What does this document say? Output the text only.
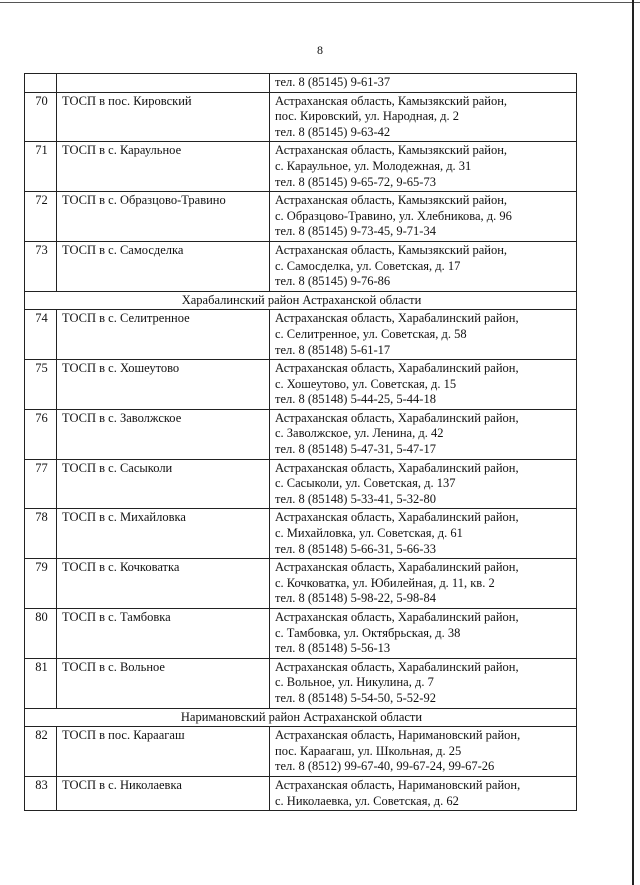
8

		тел. 8 (85145) 9-61-37

70	ТОСП в пос. Кировский	Астраханская область, Камызякский район,
пос. Кировский, ул. Народная, д. 2
тел. 8 (85145) 9-63-42

71	ТОСП в с. Караульное	Астраханская область, Камызякский район,
с. Караульное, ул. Молодежная, д. 31
тел. 8 (85145) 9-65-72, 9-65-73

72	ТОСП в с. Образцово-Травино	Астраханская область, Камызякский район,
с. Образцово-Травино, ул. Хлебникова, д. 96
тел. 8 (85145) 9-73-45, 9-71-34

73	ТОСП в с. Самосделка	Астраханская область, Камызякский район,
с. Самосделка, ул. Советская, д. 17
тел. 8 (85145) 9-76-86

Харабалинский район Астраханской области		
74	ТОСП в с. Селитренное	Астраханская область, Харабалинский район,
с. Селитренное, ул. Советская, д. 58
тел. 8 (85148) 5-61-17

75	ТОСП в с. Хошеутово	Астраханская область, Харабалинский район,
с. Хошеутово, ул. Советская, д. 15
тел. 8 (85148) 5-44-25, 5-44-18

76	ТОСП в с. Заволжское	Астраханская область, Харабалинский район,
с. Заволжское, ул. Ленина, д. 42
тел. 8 (85148) 5-47-31, 5-47-17

77	ТОСП в с. Сасыколи	Астраханская область, Харабалинский район,
с. Сасыколи, ул. Советская, д. 137
тел. 8 (85148) 5-33-41, 5-32-80

78	ТОСП в с. Михайловка	Астраханская область, Харабалинский район,
с. Михайловка, ул. Советская, д. 61
тел. 8 (85148) 5-66-31, 5-66-33

79	ТОСП в с. Кочковатка	Астраханская область, Харабалинский район,
с. Кочковатка, ул. Юбилейная, д. 11, кв. 2
тел. 8 (85148) 5-98-22, 5-98-84

80	ТОСП в с. Тамбовка	Астраханская область, Харабалинский район,
с. Тамбовка, ул. Октябрьская, д. 38
тел. 8 (85148) 5-56-13

81	ТОСП в с. Вольное	Астраханская область, Харабалинский район,
с. Вольное, ул. Никулина, д. 7
тел. 8 (85148) 5-54-50, 5-52-92

Наримановский район Астраханской области		
82	ТОСП в пос. Караагаш	Астраханская область, Наримановский район,
пос. Караагаш, ул. Школьная, д. 25
тел. 8 (8512) 99-67-40, 99-67-24, 99-67-26

83	ТОСП в с. Николаевка	Астраханская область, Наримановский район,
с. Николаевка, ул. Советская, д. 62
